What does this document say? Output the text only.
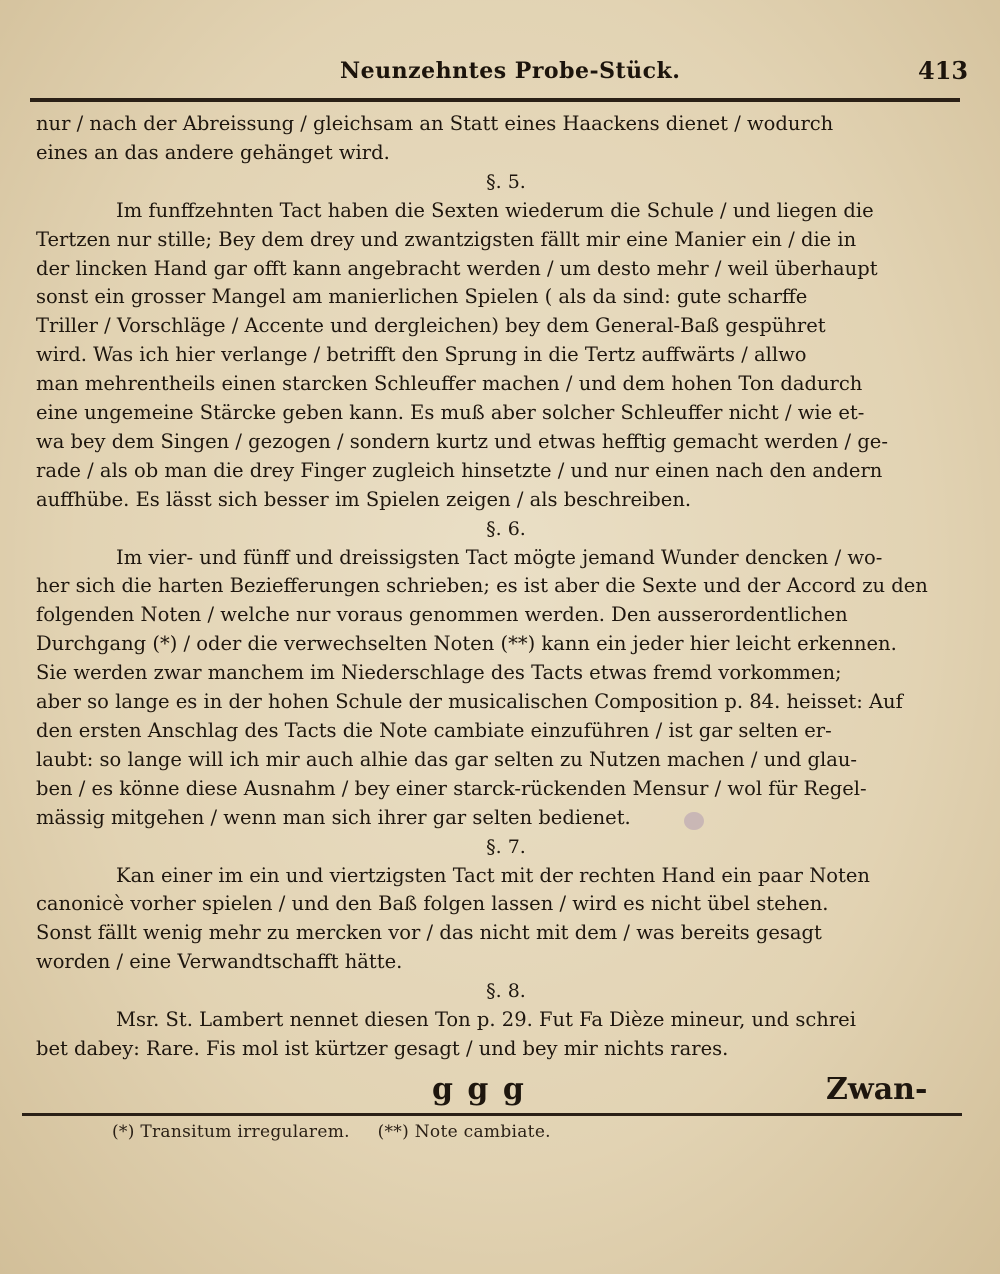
Neunzehntes Probe-Stück.	413

nur / nach der Abreissung / gleichsam an Statt eines Haackens dienet / wodurch
eines an das andere gehänget wird.

§. 5.

Im funffzehnten Tact haben die Sexten wiederum die Schule / und liegen die
Tertzen nur stille; Bey dem drey und zwantzigsten fällt mir eine Manier ein / die in
der lincken Hand gar offt kann angebracht werden / um desto mehr / weil überhaupt
sonst ein grosser Mangel am manierlichen Spielen ( als da sind: gute scharffe
Triller / Vorschläge / Accente und dergleichen) bey dem General-Baß gespühret
wird. Was ich hier verlange / betrifft den Sprung in die Tertz auffwärts / allwo
man mehrentheils einen starcken Schleuffer machen / und dem hohen Ton dadurch
eine ungemeine Stärcke geben kann. Es muß aber solcher Schleuffer nicht / wie et-
wa bey dem Singen / gezogen / sondern kurtz und etwas hefftig gemacht werden / ge-
rade / als ob man die drey Finger zugleich hinsetzte / und nur einen nach den andern
auffhübe. Es lässt sich besser im Spielen zeigen / als beschreiben.

§. 6.

Im vier- und fünff und dreissigsten Tact mögte jemand Wunder dencken / wo-
her sich die harten Beziefferungen schrieben; es ist aber die Sexte und der Accord zu den
folgenden Noten / welche nur voraus genommen werden. Den ausserordentlichen
Durchgang (*) / oder die verwechselten Noten (**) kann ein jeder hier leicht erkennen.
Sie werden zwar manchem im Niederschlage des Tacts etwas fremd vorkommen;
aber so lange es in der hohen Schule der musicalischen Composition p. 84. heisset: Auf
den ersten Anschlag des Tacts die Note cambiate einzuführen / ist gar selten er-
laubt: so lange will ich mir auch alhie das gar selten zu Nutzen machen / und glau-
ben / es könne diese Ausnahm / bey einer starck-rückenden Mensur / wol für Regel-
mässig mitgehen / wenn man sich ihrer gar selten bedienet.

§. 7.

Kan einer im ein und viertzigsten Tact mit der rechten Hand ein paar Noten
canonicè vorher spielen / und den Baß folgen lassen / wird es nicht übel stehen.
Sonst fällt wenig mehr zu mercken vor / das nicht mit dem / was bereits gesagt
worden / eine Verwandtschafft hätte.

§. 8.

Msr. St. Lambert nennet diesen Ton p. 29. Fut Fa Dièze mineur, und schrei
bet dabey: Rare. Fis mol ist kürtzer gesagt / und bey mir nichts rares.

g g g	Zwan-
(*) Transitum irregularem. (**) Note cambiate.
